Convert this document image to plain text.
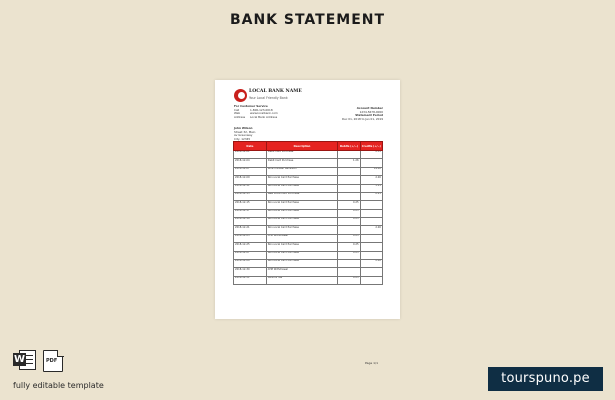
BANK STATEMENT
LOCAL BANK NAME
Your Local Friendly Bank
For Customer Service
Call	1-800-123-0018
Web	www.localbank.com
Address	Local Bank Address
Account Number
1234-5678-0000
Statement Period
Dec 01, 2018 to Jan 01, 2019
John Wilson
Street 32, Main
Av Greenway
City, 12345
Date	Description	Debits (+/−)	Credits (+/−)
2018-12-01	Debit Card Purchase		2.53
2018-12-04	Debit Card Purchase	1.26	
2018-12-07	Wire Transfer Received		19.00
2018-12-09	Non-Local Card Purchase		2.00
2018-12-11	Non-Local Card Purchase		3.15
2018-12-13	New Local Card Purchase		0.25
2018-12-15	Non-Local Card Purchase	0.25	
2018-12-17	Non-Local Card Purchase	0.25	
2018-12-19	Non-Local Card Purchase	0.25	
2018-12-21	Non-Local Card Purchase		2.00
2018-12-23	ATM Withdrawal	0.25	
2018-12-25	Non-Local Card Purchase	0.25	
2018-12-27	Non-Local Card Purchase	0.25	
2018-12-29	Non-Local Card Purchase		2.00
2018-12-30	ATM Withdrawal		
2018-12-31	Service Fee	0.25	
Page 1/1
W	PDF
fully editable template	tourspuno.pe
